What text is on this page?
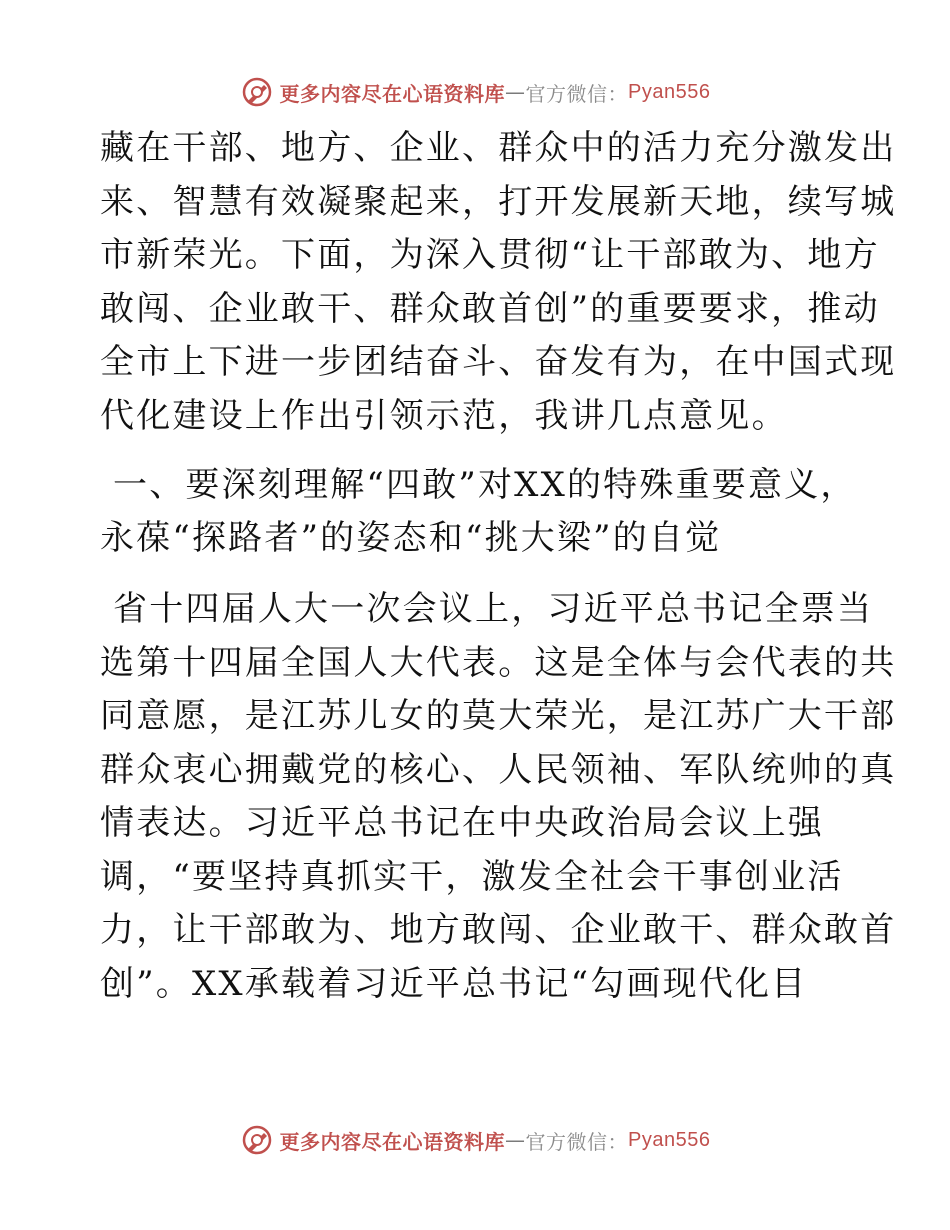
更多内容尽在心语资料库 — 官方微信： Pyan556

藏在干部、地方、企业、群众中的活力充分激发出
来、智慧有效凝聚起来，打开发展新天地，续写城
市新荣光。下面，为深入贯彻“让干部敢为、地方
敢闯、企业敢干、群众敢首创”的重要要求，推动
全市上下进一步团结奋斗、奋发有为，在中国式现
代化建设上作出引领示范，我讲几点意见。

一、要深刻理解“四敢”对XX的特殊重要意义，
永葆“探路者”的姿态和“挑大梁”的自觉

省十四届人大一次会议上，习近平总书记全票当
选第十四届全国人大代表。这是全体与会代表的共
同意愿，是江苏儿女的莫大荣光，是江苏广大干部
群众衷心拥戴党的核心、人民领袖、军队统帅的真
情表达。习近平总书记在中央政治局会议上强
调，“要坚持真抓实干，激发全社会干事创业活
力，让干部敢为、地方敢闯、企业敢干、群众敢首
创”。XX承载着习近平总书记“勾画现代化目

更多内容尽在心语资料库 — 官方微信： Pyan556
